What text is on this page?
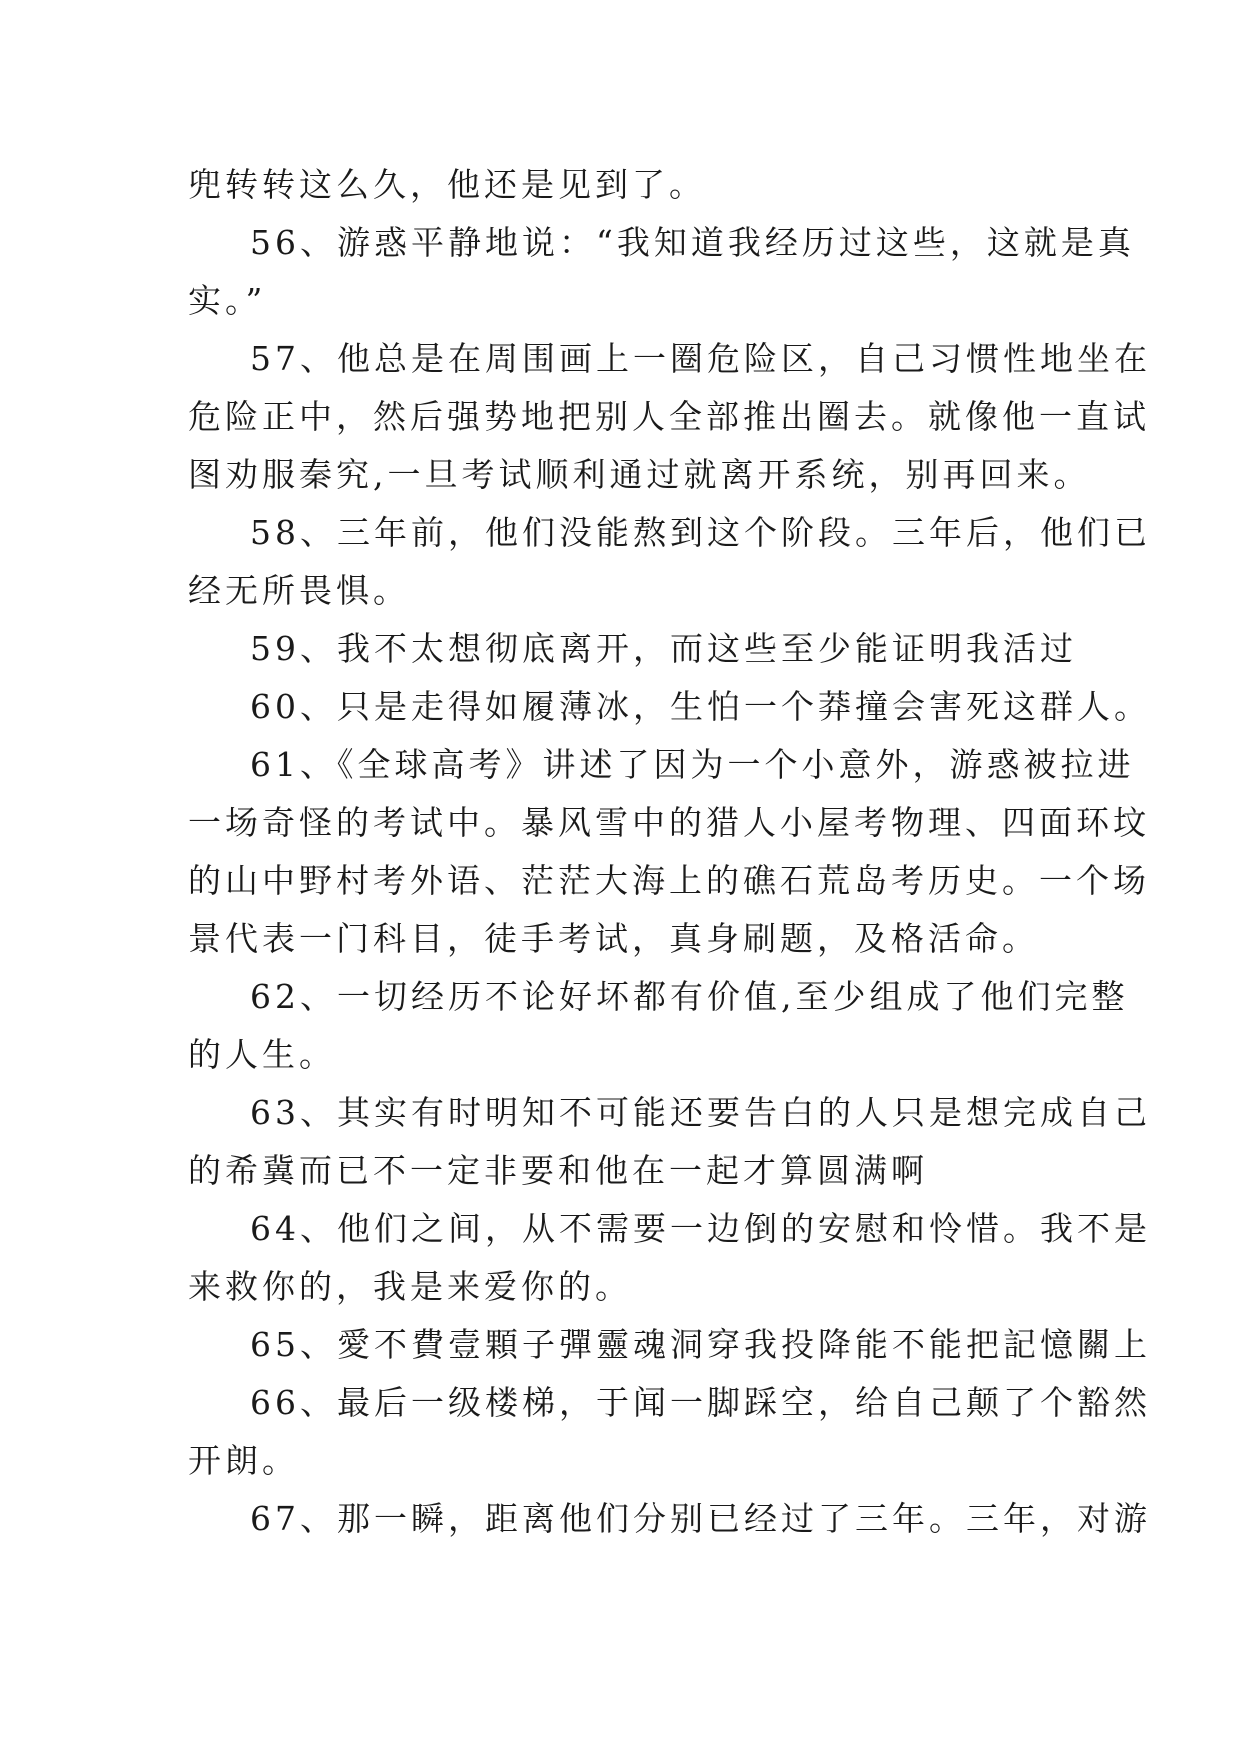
兜转转这么久，他还是见到了。
56、游惑平静地说：“我知道我经历过这些，这就是真
实。”
57、他总是在周围画上一圈危险区，自己习惯性地坐在
危险正中，然后强势地把别人全部推出圈去。就像他一直试
图劝服秦究,一旦考试顺利通过就离开系统，别再回来。
58、三年前，他们没能熬到这个阶段。三年后，他们已
经无所畏惧。
59、我不太想彻底离开，而这些至少能证明我活过
60、只是走得如履薄冰，生怕一个莽撞会害死这群人。
61、《全球高考》讲述了因为一个小意外，游惑被拉进
一场奇怪的考试中。暴风雪中的猎人小屋考物理、四面环坟
的山中野村考外语、茫茫大海上的礁石荒岛考历史。一个场
景代表一门科目，徒手考试，真身刷题，及格活命。
62、一切经历不论好坏都有价值,至少组成了他们完整
的人生。
63、其实有时明知不可能还要告白的人只是想完成自己
的希冀而已不一定非要和他在一起才算圆满啊
64、他们之间，从不需要一边倒的安慰和怜惜。我不是
来救你的，我是来爱你的。
65、愛不費壹顆子彈靈魂洞穿我投降能不能把記憶關上
66、最后一级楼梯，于闻一脚踩空，给自己颠了个豁然
开朗。
67、那一瞬，距离他们分别已经过了三年。三年，对游
